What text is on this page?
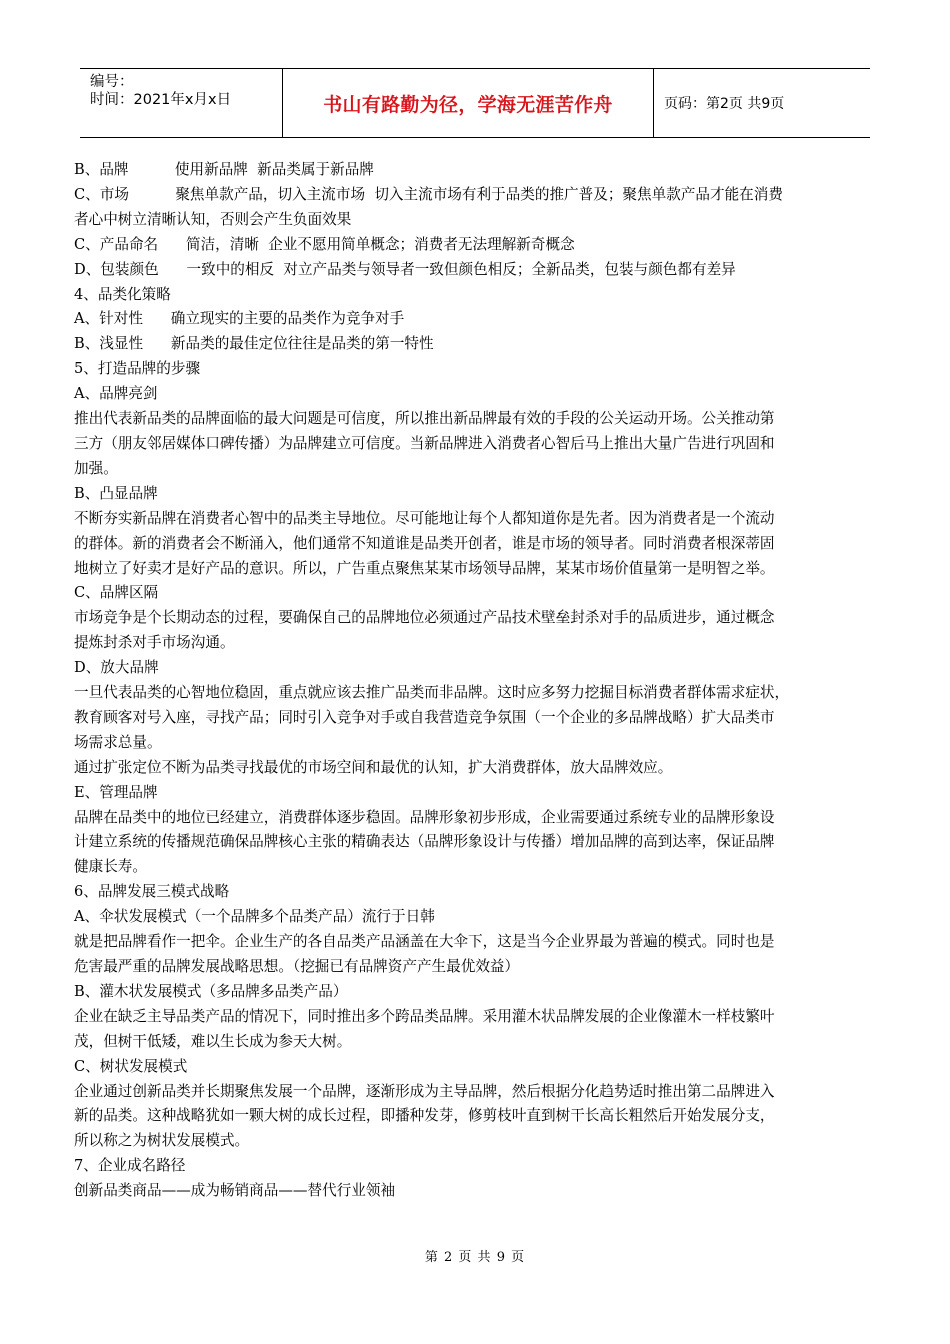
编号：
时间：2021年x月x日	书山有路勤为径，学海无涯苦作舟	页码：第2页 共9页
B、品牌          使用新品牌  新品类属于新品牌
C、市场          聚焦单款产品，切入主流市场  切入主流市场有利于品类的推广普及；聚焦单款产品才能在消费
者心中树立清晰认知，否则会产生负面效果
C、产品命名      简洁，清晰  企业不愿用简单概念；消费者无法理解新奇概念
D、包装颜色      一致中的相反  对立产品类与领导者一致但颜色相反；全新品类，包装与颜色都有差异
4、品类化策略
A、针对性      确立现实的主要的品类作为竞争对手
B、浅显性      新品类的最佳定位往往是品类的第一特性
5、打造品牌的步骤
A、品牌亮剑
推出代表新品类的品牌面临的最大问题是可信度，所以推出新品牌最有效的手段的公关运动开场。公关推动第
三方（朋友邻居媒体口碑传播）为品牌建立可信度。当新品牌进入消费者心智后马上推出大量广告进行巩固和
加强。
B、凸显品牌
不断夯实新品牌在消费者心智中的品类主导地位。尽可能地让每个人都知道你是先者。因为消费者是一个流动
的群体。新的消费者会不断涌入，他们通常不知道谁是品类开创者，谁是市场的领导者。同时消费者根深蒂固
地树立了好卖才是好产品的意识。所以，广告重点聚焦某某市场领导品牌，某某市场价值量第一是明智之举。
C、品牌区隔
市场竞争是个长期动态的过程，要确保自己的品牌地位必须通过产品技术壁垒封杀对手的品质进步，通过概念
提炼封杀对手市场沟通。
D、放大品牌
一旦代表品类的心智地位稳固，重点就应该去推广品类而非品牌。这时应多努力挖掘目标消费者群体需求症状，
教育顾客对号入座，寻找产品；同时引入竞争对手或自我营造竞争氛围（一个企业的多品牌战略）扩大品类市
场需求总量。
通过扩张定位不断为品类寻找最优的市场空间和最优的认知，扩大消费群体，放大品牌效应。
E、管理品牌
品牌在品类中的地位已经建立，消费群体逐步稳固。品牌形象初步形成，企业需要通过系统专业的品牌形象设
计建立系统的传播规范确保品牌核心主张的精确表达（品牌形象设计与传播）增加品牌的高到达率，保证品牌
健康长寿。
6、品牌发展三模式战略
A、伞状发展模式（一个品牌多个品类产品）流行于日韩
就是把品牌看作一把伞。企业生产的各自品类产品涵盖在大伞下，这是当今企业界最为普遍的模式。同时也是
危害最严重的品牌发展战略思想。（挖掘已有品牌资产产生最优效益）
B、灌木状发展模式（多品牌多品类产品）
企业在缺乏主导品类产品的情况下，同时推出多个跨品类品牌。采用灌木状品牌发展的企业像灌木一样枝繁叶
茂，但树干低矮，难以生长成为参天大树。
C、树状发展模式
企业通过创新品类并长期聚焦发展一个品牌，逐渐形成为主导品牌，然后根据分化趋势适时推出第二品牌进入
新的品类。这种战略犹如一颗大树的成长过程，即播种发芽，修剪枝叶直到树干长高长粗然后开始发展分支，
所以称之为树状发展模式。
7、企业成名路径
创新品类商品——成为畅销商品——替代行业领袖
第 2 页 共 9 页
